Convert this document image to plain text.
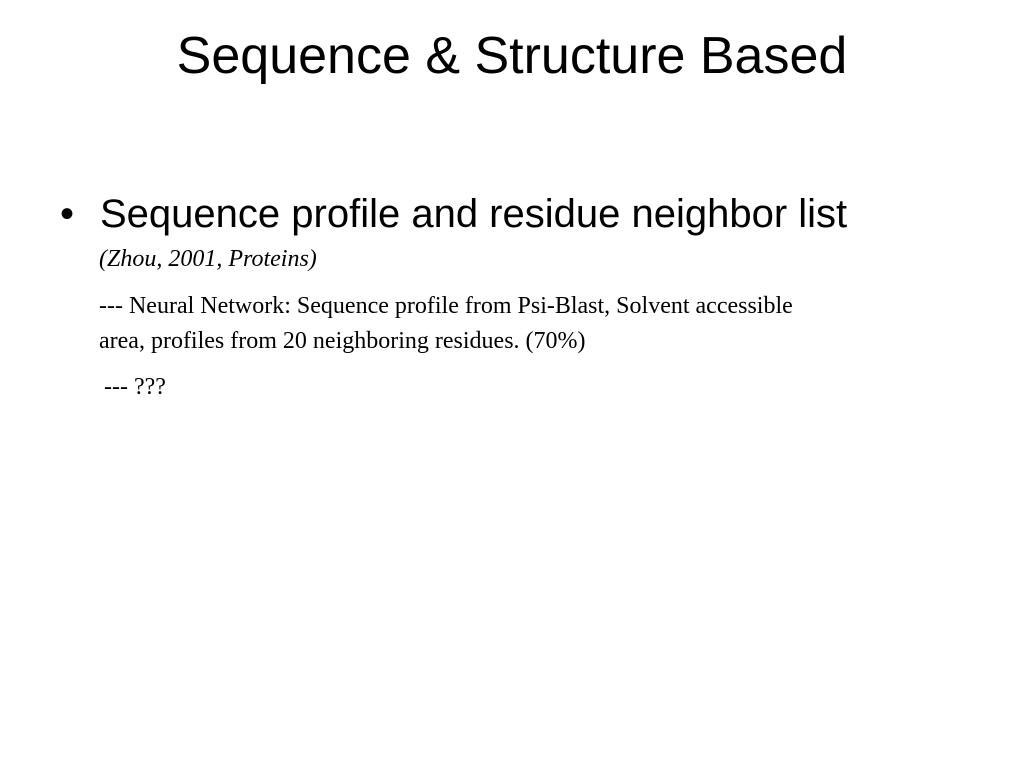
Sequence & Structure Based
• Sequence profile and residue neighbor list
(Zhou, 2001, Proteins)
--- Neural Network: Sequence profile from Psi-Blast, Solvent accessible
area, profiles from 20 neighboring residues. (70%)
--- ???
